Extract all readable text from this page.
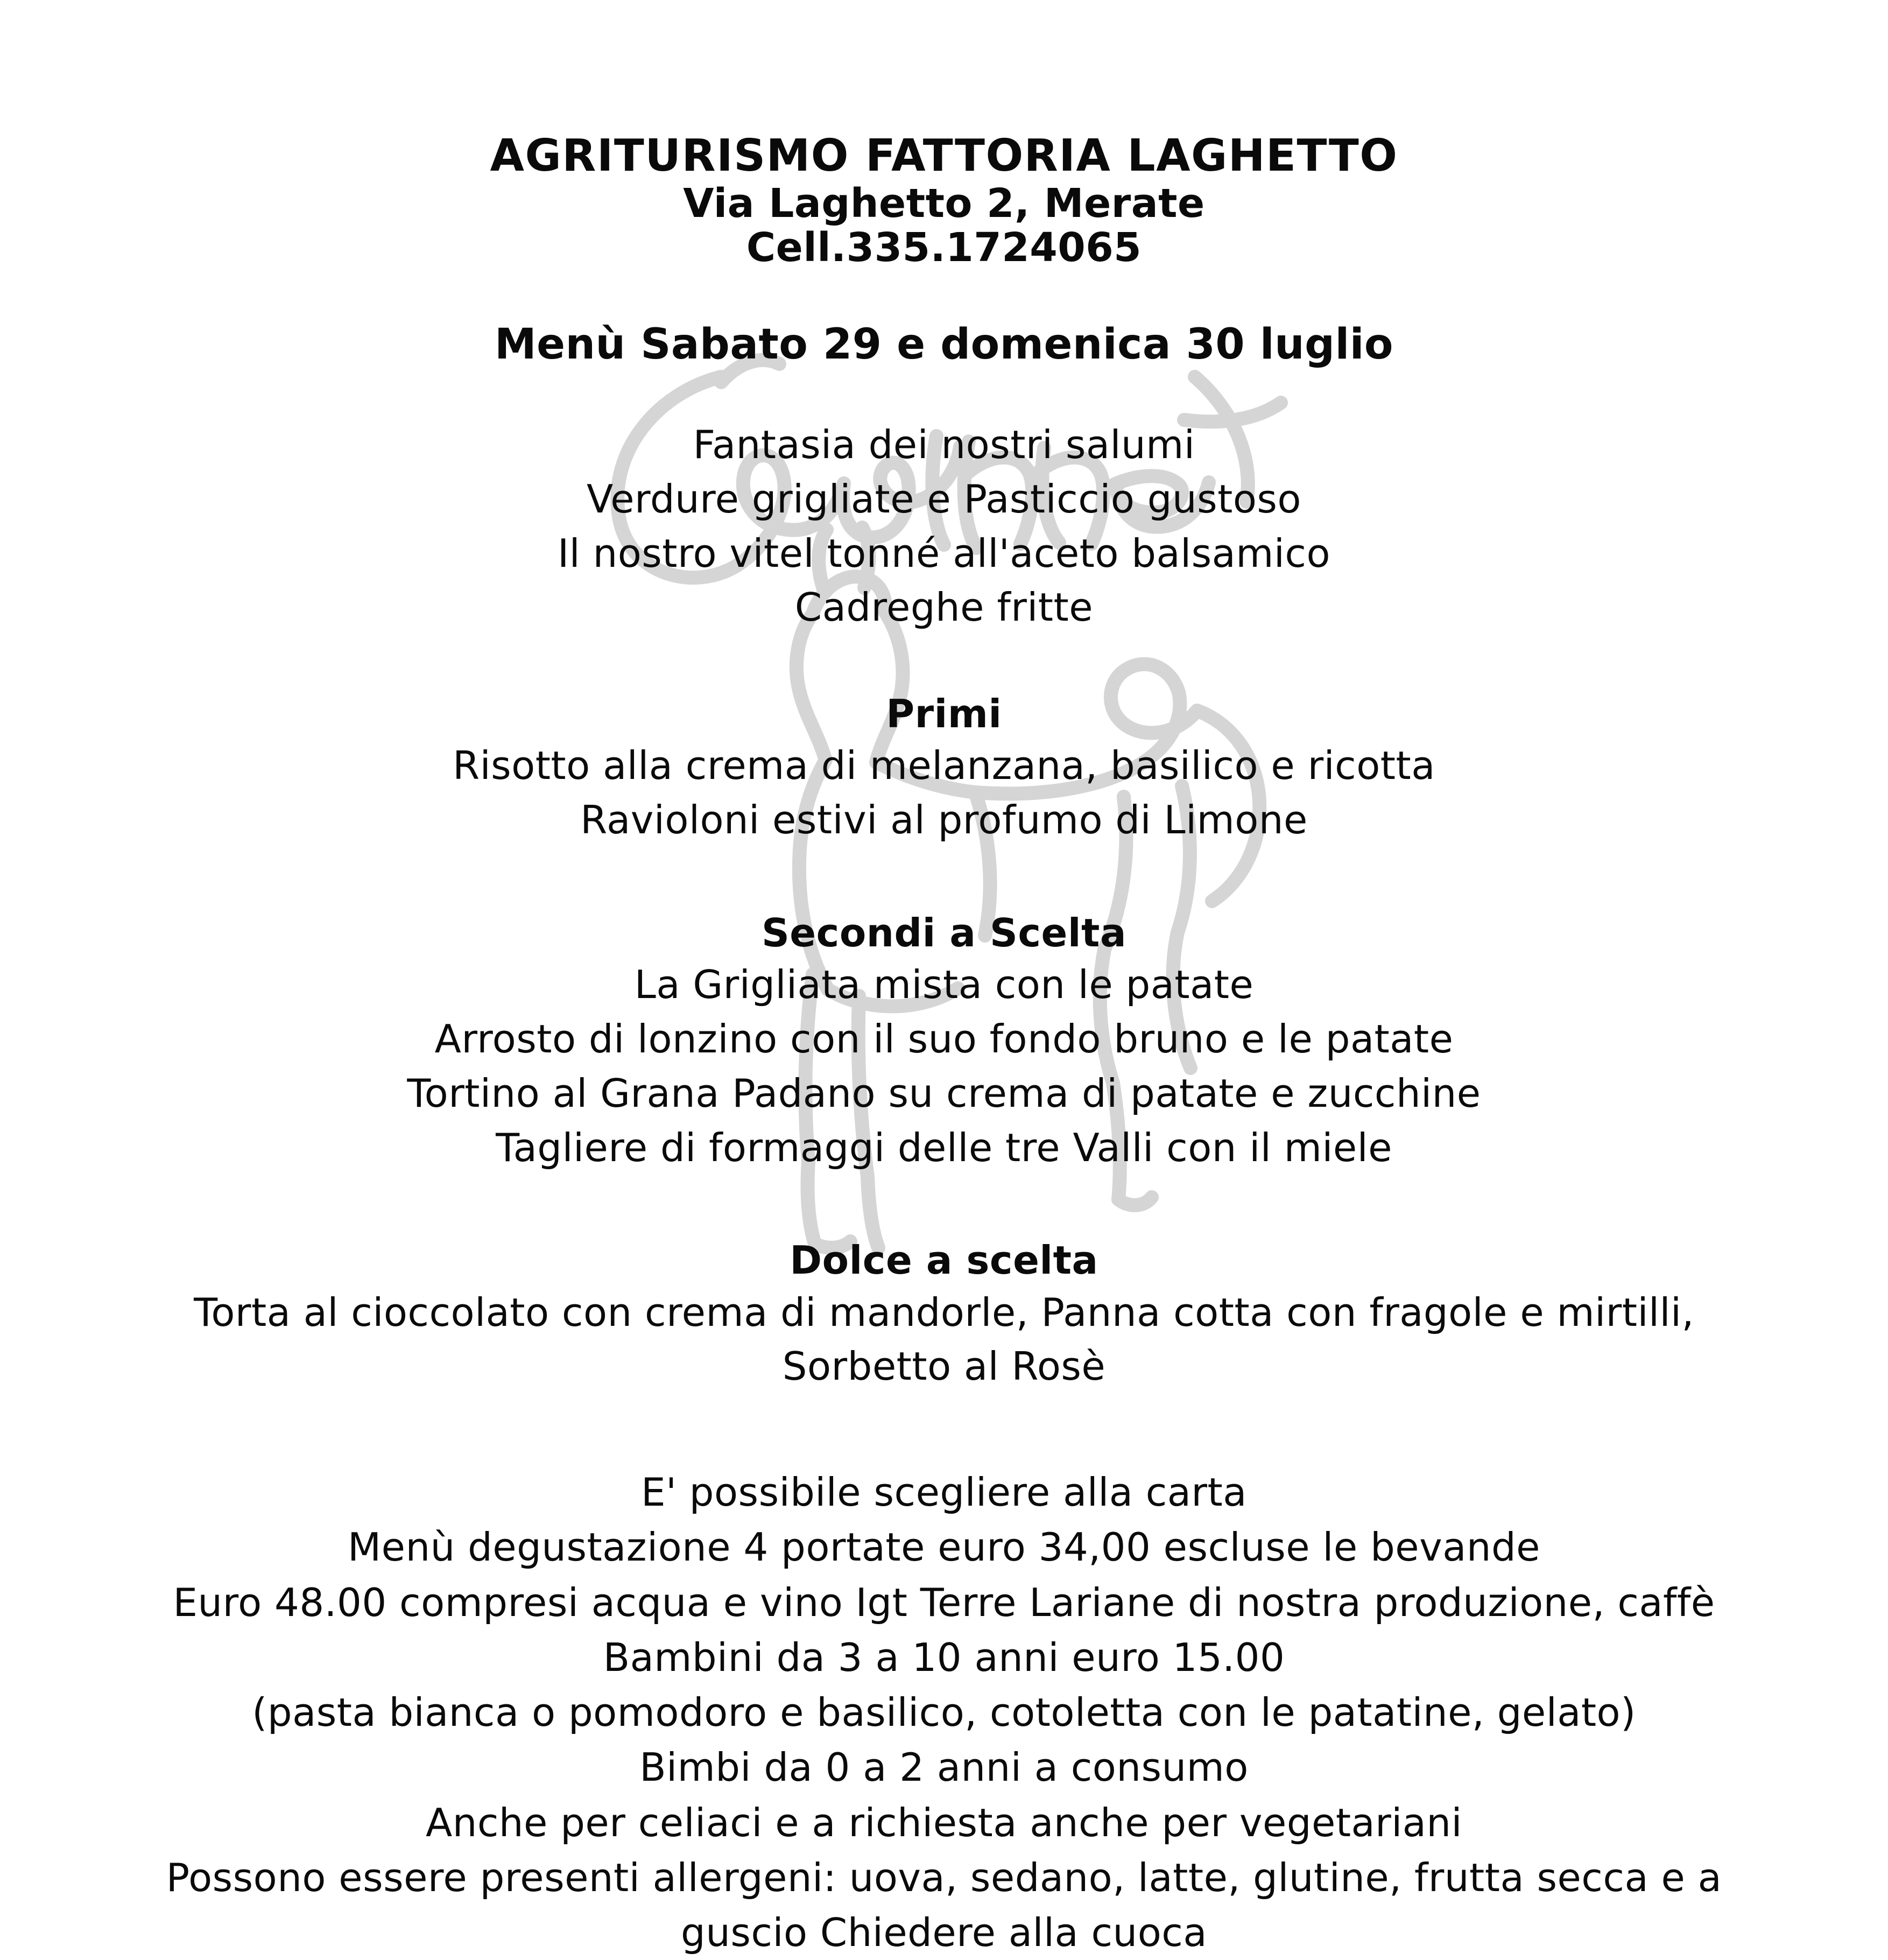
AGRITURISMO FATTORIA LAGHETTO
Via Laghetto 2, Merate
Cell.335.1724065
Menù Sabato 29 e domenica 30 luglio
Fantasia dei nostri salumi
Verdure grigliate e Pasticcio gustoso
Il nostro vitel tonné all'aceto balsamico
Cadreghe fritte
Primi
Risotto alla crema di melanzana, basilico e ricotta
Ravioloni estivi al profumo di Limone
Secondi a Scelta
La Grigliata mista con le patate
Arrosto di lonzino con il suo fondo bruno e le patate
Tortino al Grana Padano su crema di patate e zucchine
Tagliere di formaggi delle tre Valli con il miele
Dolce a scelta
Torta al cioccolato con crema di mandorle, Panna cotta con fragole e mirtilli,
Sorbetto al Rosè
E' possibile scegliere alla carta
Menù degustazione 4 portate euro 34,00 escluse le bevande
Euro 48.00 compresi acqua e vino Igt Terre Lariane di nostra produzione, caffè
Bambini da 3 a 10 anni euro 15.00
(pasta bianca o pomodoro e basilico, cotoletta con le patatine, gelato)
Bimbi da 0 a 2 anni a consumo
Anche per celiaci e a richiesta anche per vegetariani
Possono essere presenti allergeni: uova, sedano, latte, glutine, frutta secca e a
guscio Chiedere alla cuoca
